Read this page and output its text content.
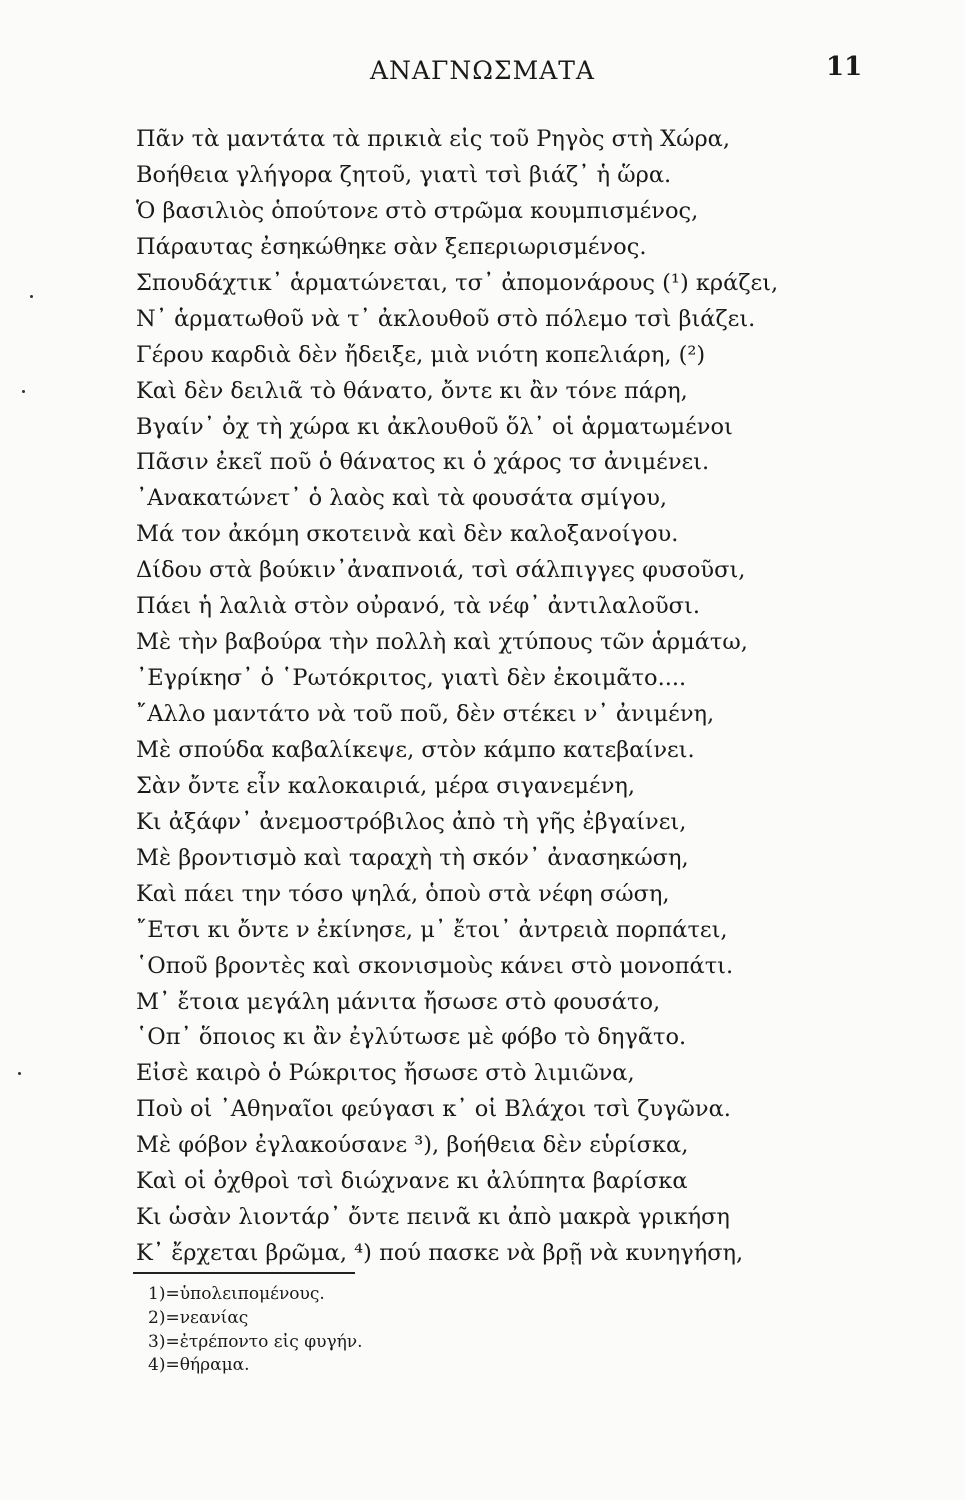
ΑΝΑΓΝΩΣΜΑΤΑ	11
Πᾶν τὰ μαντάτα τὰ πρικιὰ εἰς τοῦ Ρηγὸς στὴ Χώρα,
Βοήθεια γλήγορα ζητοῦ, γιατὶ τσὶ βιάζ᾽ ἡ ὥρα.
Ὁ βασιλιὸς ὁπούτονε στὸ στρῶμα κουμπισμένος,
Πάραυτας ἐσηκώθηκε σὰν ξεπεριωρισμένος.
Σπουδάχτικ᾽ ἁρματώνεται, τσ᾽ ἀπομονάρους (¹) κράζει,
Ν᾽ ἁρματωθοῦ νὰ τ᾽ ἀκλουθοῦ στὸ πόλεμο τσὶ βιάζει.
Γέρου καρδιὰ δὲν ἤδειξε, μιὰ νιότη κοπελιάρη, (²)
Καὶ δὲν δειλιᾶ τὸ θάνατο, ὄντε κι ἂν τόνε πάρη,
Βγαίν᾽ ὀχ τὴ χώρα κι ἀκλουθοῦ ὅλ᾽ οἱ ἁρματωμένοι
Πᾶσιν ἐκεῖ ποῦ ὁ θάνατος κι ὁ χάρος τσ ἀνιμένει.
᾽Ανακατώνετ᾽ ὁ λαὸς καὶ τὰ φουσάτα σμίγου,
Μά τον ἀκόμη σκοτεινὰ καὶ δὲν καλοξανοίγου.
Δίδου στὰ βούκιν᾽ἀναπνοιά, τσὶ σάλπιγγες φυσοῦσι,
Πάει ἡ λαλιὰ στὸν οὐρανό, τὰ νέφ᾽ ἀντιλαλοῦσι.
Μὲ τὴν βαβούρα τὴν πολλὴ καὶ χτύπους τῶν ἁρμάτω,
᾽Εγρίκησ᾽ ὁ ῾Ρωτόκριτος, γιατὶ δὲν ἐκοιμᾶτο....
῎Αλλο μαντάτο νὰ τοῦ ποῦ, δὲν στέκει ν᾽ ἀνιμένη,
Μὲ σπούδα καβαλίκεψε, στὸν κάμπο κατεβαίνει.
Σὰν ὄντε εἶν καλοκαιριά, μέρα σιγανεμένη,
Κι ἀξάφν᾽ ἀνεμοστρόβιλος ἀπὸ τὴ γῆς ἐβγαίνει,
Μὲ βροντισμὸ καὶ ταραχὴ τὴ σκόν᾽ ἀνασηκώση,
Καὶ πάει την τόσο ψηλά, ὁποὺ στὰ νέφη σώση,
῎Ετσι κι ὄντε ν ἐκίνησε, μ᾽ ἔτοι᾽ ἀντρειὰ πορπάτει,
῾Οποῦ βροντὲς καὶ σκονισμοὺς κάνει στὸ μονοπάτι.
Μ᾽ ἔτοια μεγάλη μάνιτα ἤσωσε στὸ φουσάτο,
῾Οπ᾽ ὅποιος κι ἂν ἐγλύτωσε μὲ φόβο τὸ δηγᾶτο.
Εἰσὲ καιρὸ ὁ Ρώκριτος ἤσωσε στὸ λιμιῶνα,
Ποὺ οἱ ᾽Αθηναῖοι φεύγασι κ᾽ οἱ Βλάχοι τσὶ ζυγῶνα.
Μὲ φόβον ἐγλακούσανε ³), βοήθεια δὲν εὑρίσκα,
Καὶ οἱ ὀχθροὶ τσὶ διώχνανε κι ἀλύπητα βαρίσκα
Κι ὡσὰν λιοντάρ᾽ ὄντε πεινᾶ κι ἀπὸ μακρὰ γρικήση
Κ᾽ ἔρχεται βρῶμα, ⁴) πού πασκε νὰ βρῇ νὰ κυνηγήση,
1)=ὑπολειπομένους.
2)=νεανίας
3)=ἐτρέποντο εἰς φυγήν.
4)=θήραμα.
